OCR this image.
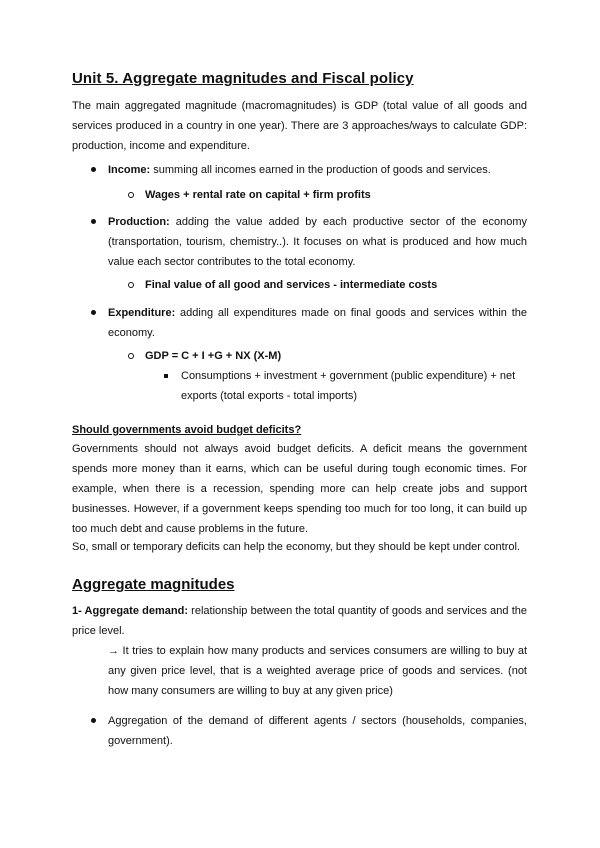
Unit 5. Aggregate magnitudes and Fiscal policy

The main aggregated magnitude (macromagnitudes) is GDP (total value of all goods and services produced in a country in one year). There are 3 approaches/ways to calculate GDP: production, income and expenditure.

Income: summing all incomes earned in the production of goods and services.
Wages + rental rate on capital + firm profits
Production: adding the value added by each productive sector of the economy (transportation, tourism, chemistry..). It focuses on what is produced and how much value each sector contributes to the total economy.
Final value of all good and services - intermediate costs
Expenditure: adding all expenditures made on final goods and services within the economy.
GDP = C + I +G + NX (X-M)
Consumptions + investment + government (public expenditure) + net exports (total exports - total imports)
Should governments avoid budget deficits?

Governments should not always avoid budget deficits. A deficit means the government spends more money than it earns, which can be useful during tough economic times. For example, when there is a recession, spending more can help create jobs and support businesses. However, if a government keeps spending too much for too long, it can build up too much debt and cause problems in the future.

So, small or temporary deficits can help the economy, but they should be kept under control.

Aggregate magnitudes
1- Aggregate demand: relationship between the total quantity of goods and services and the price level.

→ It tries to explain how many products and services consumers are willing to buy at any given price level, that is a weighted average price of goods and services. (not how many consumers are willing to buy at any given price)

Aggregation of the demand of different agents / sectors (households, companies, government).
